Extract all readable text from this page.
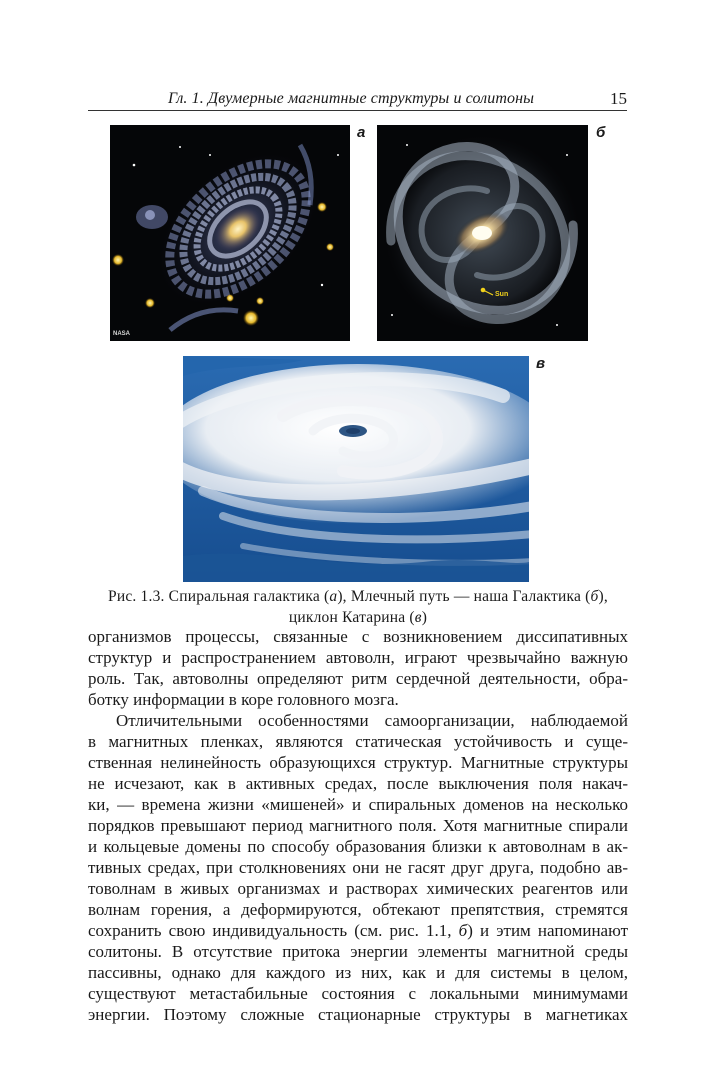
Гл. 1. Двумерные магнитные структуры и солитоны	15
NASA
а
Sun
б
в
Рис. 1.3. Спиральная галактика (а), Млечный путь — наша Галактика (б), циклон Катарина (в)

организмов процессы, связанные с возникновением диссипативных

структур и распространением автоволн, играют чрезвычайно важную

роль. Так, автоволны определяют ритм сердечной деятельности, обра-

ботку информации в коре головного мозга.

Отличительными особенностями самоорганизации, наблюдаемой

в магнитных пленках, являются статическая устойчивость и суще-

ственная нелинейность образующихся структур. Магнитные структуры

не исчезают, как в активных средах, после выключения поля накач-

ки, — времена жизни «мишеней» и спиральных доменов на несколько

порядков превышают период магнитного поля. Хотя магнитные спирали

и кольцевые домены по способу образования близки к автоволнам в ак-

тивных средах, при столкновениях они не гасят друг друга, подобно ав-

товолнам в живых организмах и растворах химических реагентов или

волнам горения, а деформируются, обтекают препятствия, стремятся

сохранить свою индивидуальность (см. рис. 1.1, б) и этим напоминают

солитоны. В отсутствие притока энергии элементы магнитной среды

пассивны, однако для каждого из них, как и для системы в целом,

существуют метастабильные состояния с локальными минимумами

энергии. Поэтому сложные стационарные структуры в магнетиках
